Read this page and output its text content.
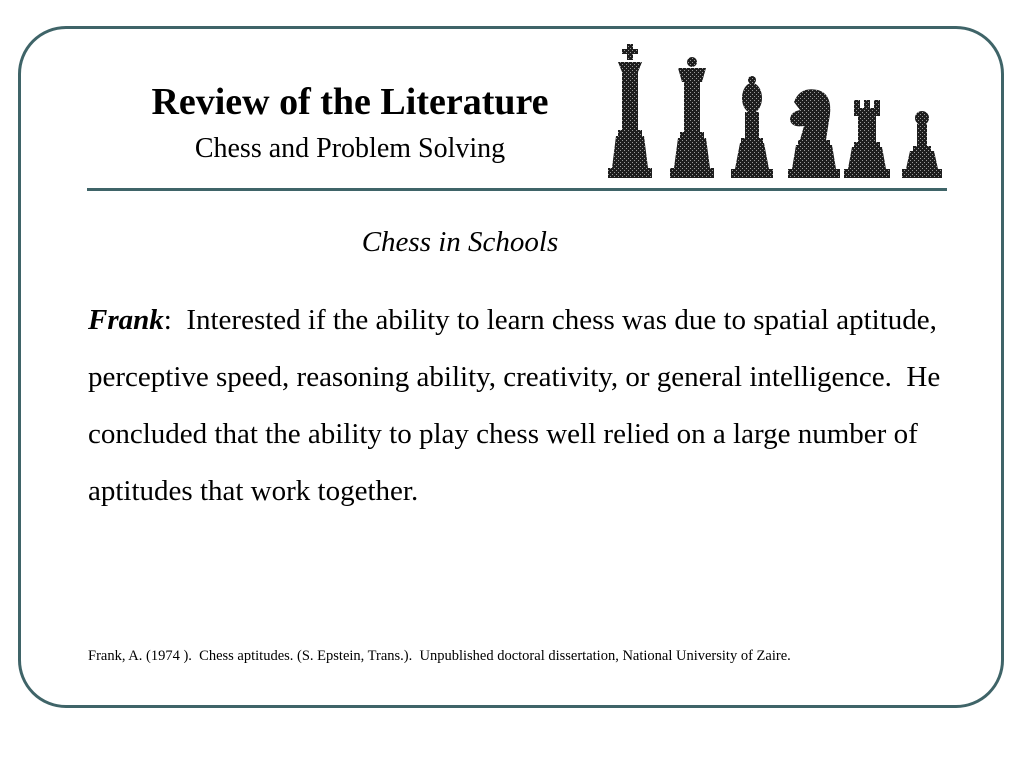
Review of the Literature
Chess and Problem Solving
Chess in Schools
Frank: Interested if the ability to learn chess was due to spatial aptitude, perceptive speed, reasoning ability, creativity, or general intelligence.  He concluded that the ability to play chess well relied on a large number of aptitudes that work together.
Frank, A. (1974 ).  Chess aptitudes. (S. Epstein, Trans.).  Unpublished doctoral dissertation, National University of Zaire.
